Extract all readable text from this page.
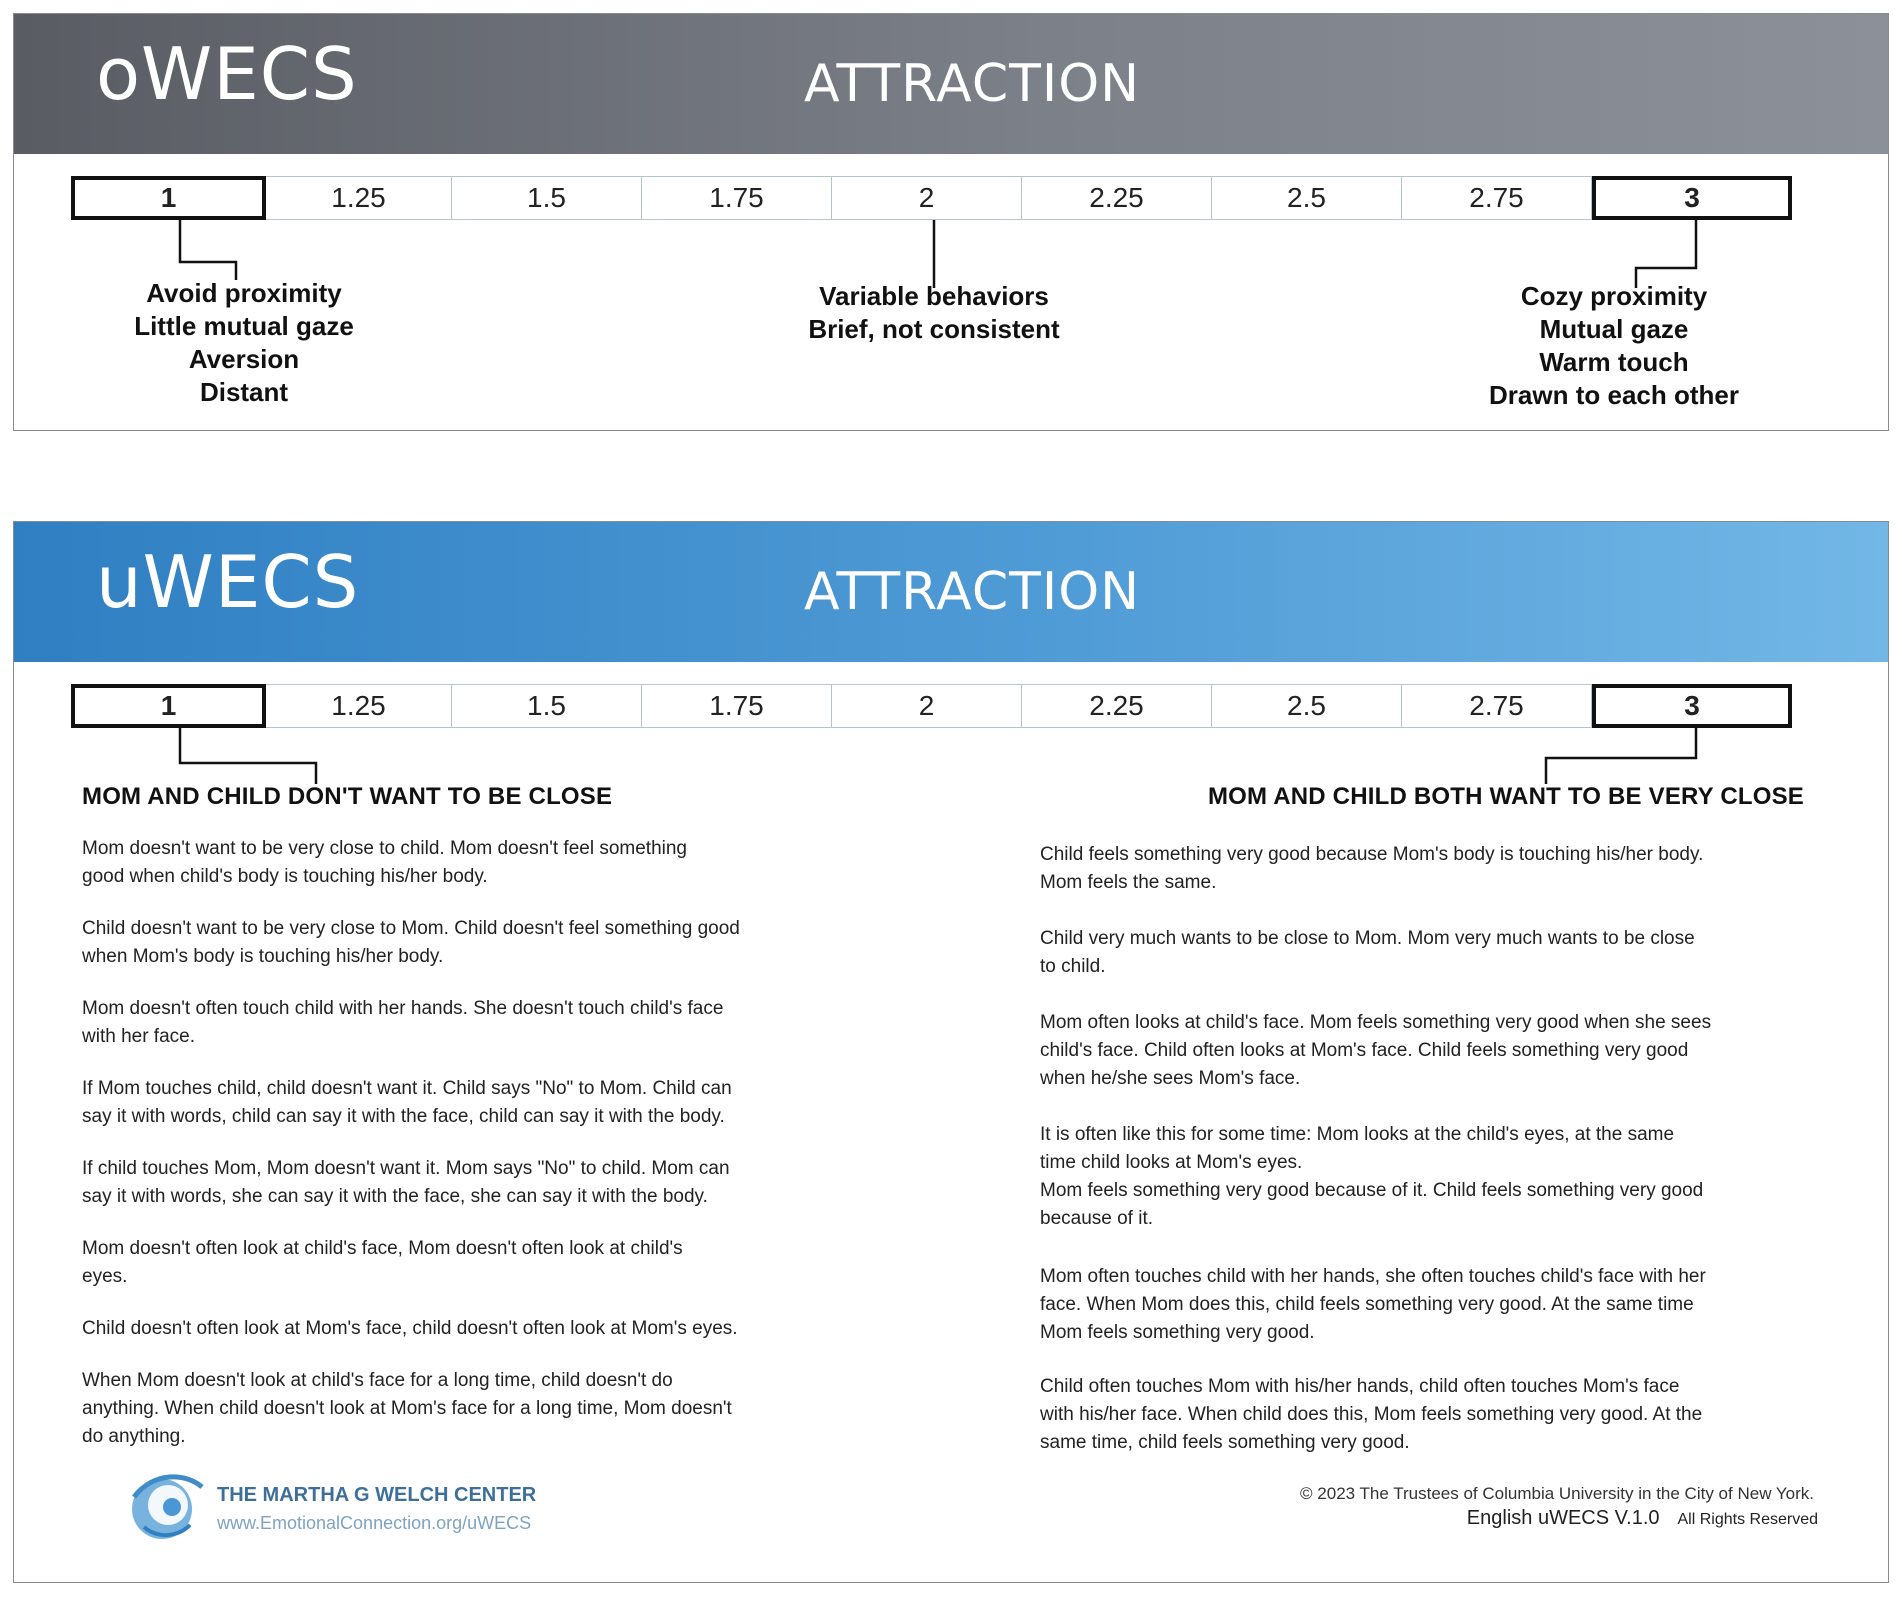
oWECS	ATTRACTION
1	1.25	1.5	1.75	2	2.25	2.5	2.75	3
Avoid proximity
Little mutual gaze
Aversion
Distant
Variable behaviors
Brief, not consistent
Cozy proximity
Mutual gaze
Warm touch
Drawn to each other
uWECS	ATTRACTION
1	1.25	1.5	1.75	2	2.25	2.5	2.75	3
MOM AND CHILD DON'T WANT TO BE CLOSE	MOM AND CHILD BOTH WANT TO BE VERY CLOSE
Mom doesn't want to be very close to child. Mom doesn't feel something
good when child's body is touching his/her body.
Child doesn't want to be very close to Mom. Child doesn't feel something good
when Mom's body is touching his/her body.
Mom doesn't often touch child with her hands. She doesn't touch child's face
with her face.
If Mom touches child, child doesn't want it. Child says "No" to Mom. Child can
say it with words, child can say it with the face, child can say it with the body.
If child touches Mom, Mom doesn't want it. Mom says "No" to child. Mom can
say it with words, she can say it with the face, she can say it with the body.
Mom doesn't often look at child's face, Mom doesn't often look at child's
eyes.
Child doesn't often look at Mom's face, child doesn't often look at Mom's eyes.
When Mom doesn't look at child's face for a long time, child doesn't do
anything. When child doesn't look at Mom's face for a long time, Mom doesn't
do anything.
Child feels something very good because Mom's body is touching his/her body.
Mom feels the same.
Child very much wants to be close to Mom. Mom very much wants to be close
to child.
Mom often looks at child's face. Mom feels something very good when she sees
child's face. Child often looks at Mom's face. Child feels something very good
when he/she sees Mom's face.
It is often like this for some time: Mom looks at the child's eyes, at the same
time child looks at Mom's eyes.
Mom feels something very good because of it. Child feels something very good
because of it.
Mom often touches child with her hands, she often touches child's face with her
face. When Mom does this, child feels something very good. At the same time
Mom feels something very good.
Child often touches Mom with his/her hands, child often touches Mom's face
with his/her face. When child does this, Mom feels something very good. At the
same time, child feels something very good.
THE MARTHA G WELCH CENTER
www.EmotionalConnection.org/uWECS
© 2023 The Trustees of Columbia University in the City of New York.
English uWECS V.1.0 All Rights Reserved
